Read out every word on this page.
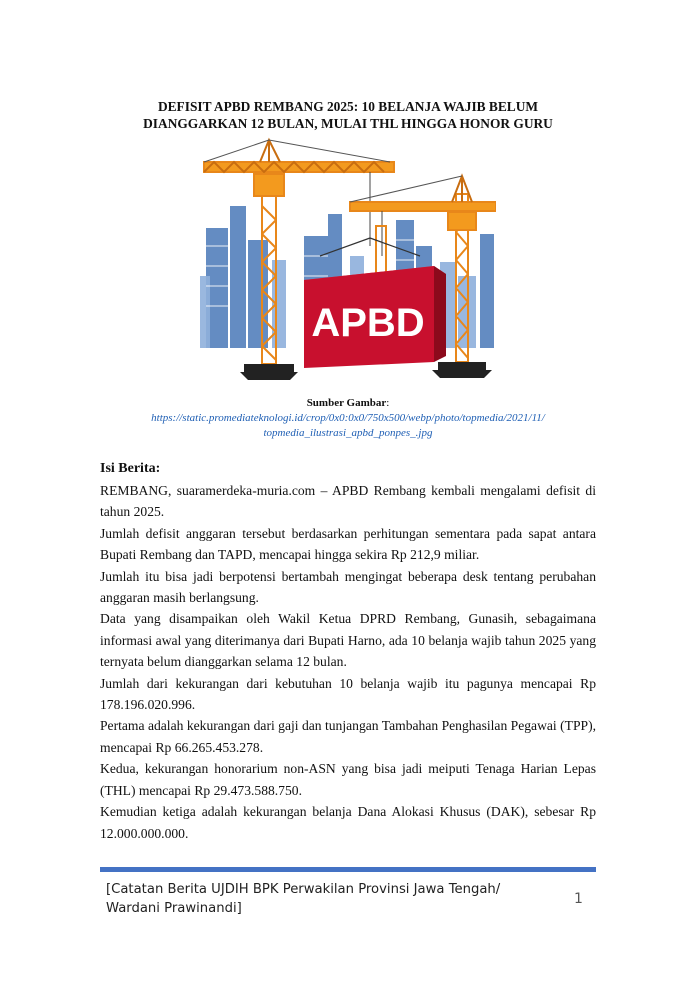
DEFISIT APBD REMBANG 2025: 10 BELANJA WAJIB BELUM
DIANGGARKAN 12 BULAN, MULAI THL HINGGA HONOR GURU
APBD
Sumber Gambar:
https://static.promediateknologi.id/crop/0x0:0x0/750x500/webp/photo/topmedia/2021/11/
topmedia_ilustrasi_apbd_ponpes_.jpg
Isi Berita:

REMBANG, suaramerdeka-muria.com – APBD Rembang kembali mengalami defisit di tahun 2025.

Jumlah defisit anggaran tersebut berdasarkan perhitungan sementara pada sapat antara Bupati Rembang dan TAPD, mencapai hingga sekira Rp 212,9 miliar.

Jumlah itu bisa jadi berpotensi bertambah mengingat beberapa desk tentang perubahan anggaran masih berlangsung.

Data yang disampaikan oleh Wakil Ketua DPRD Rembang, Gunasih, sebagaimana informasi awal yang diterimanya dari Bupati Harno, ada 10 belanja wajib tahun 2025 yang ternyata belum dianggarkan selama 12 bulan.

Jumlah dari kekurangan dari kebutuhan 10 belanja wajib itu pagunya mencapai Rp 178.196.020.996.

Pertama adalah kekurangan dari gaji dan tunjangan Tambahan Penghasilan Pegawai (TPP), mencapai Rp 66.265.453.278.

Kedua, kekurangan honorarium non-ASN yang bisa jadi meiputi Tenaga Harian Lepas (THL) mencapai Rp 29.473.588.750.

Kemudian ketiga adalah kekurangan belanja Dana Alokasi Khusus (DAK), sebesar Rp 12.000.000.000.

[Catatan Berita UJDIH BPK Perwakilan Provinsi Jawa Tengah/ Wardani Prawinandi]
1
